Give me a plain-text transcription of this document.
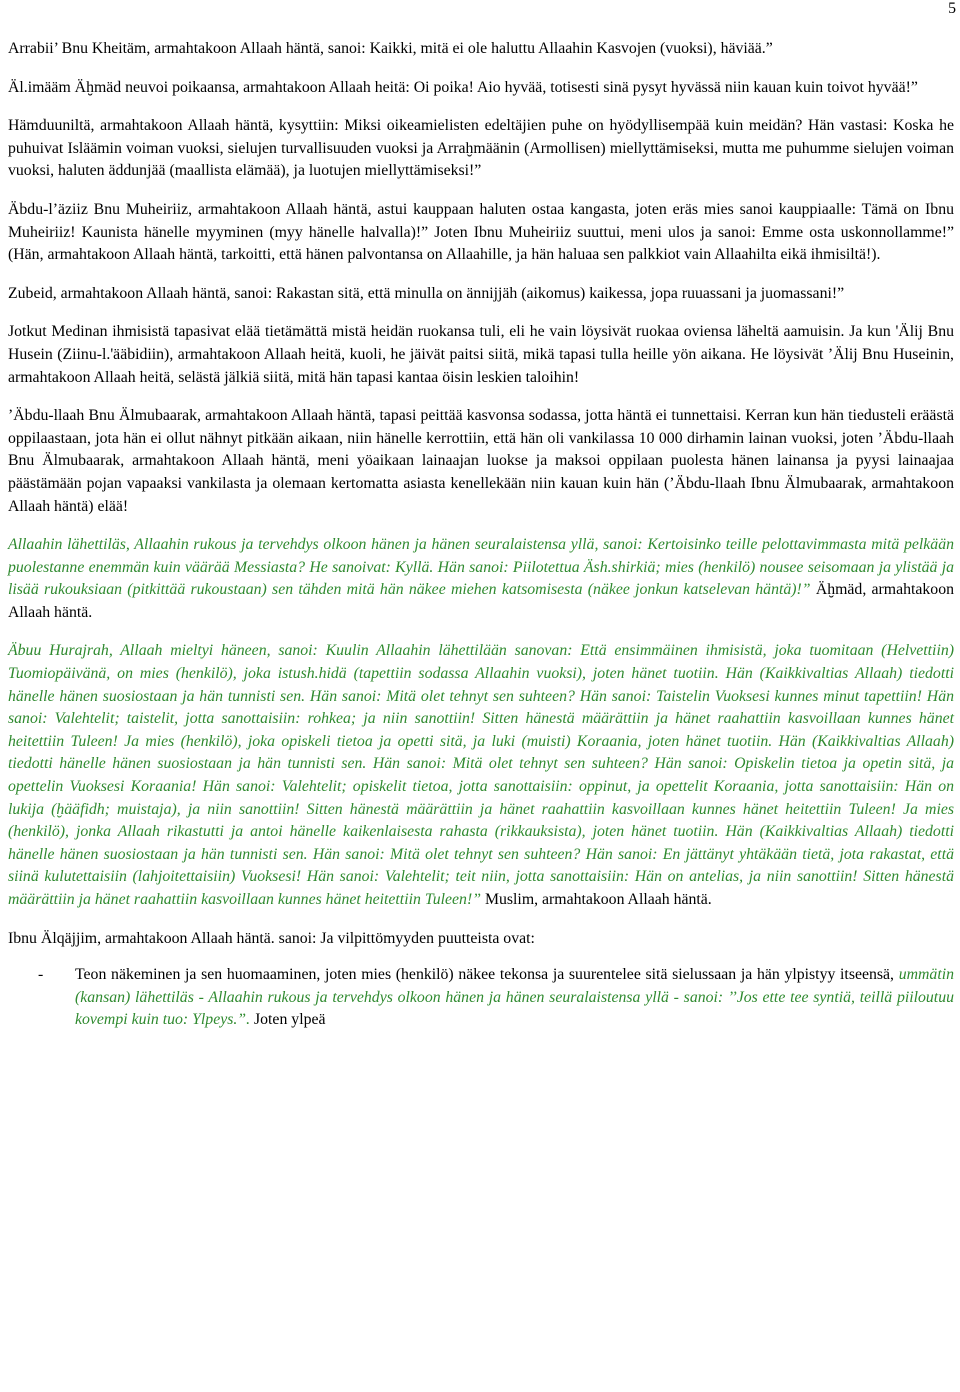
5

Arrabii’ Bnu Kheitäm, armahtakoon Allaah häntä, sanoi: Kaikki, mitä ei ole haluttu Allaahin Kasvojen (vuoksi), häviää.”

Äl.imääm Äḫmäd neuvoi poikaansa, armahtakoon Allaah heitä: Oi poika! Aio hyvää, totisesti sinä pysyt hyvässä niin kauan kuin toivot hyvää!”

Hämduuniltä, armahtakoon Allaah häntä, kysyttiin: Miksi oikeamielisten edeltäjien puhe on hyödyllisempää kuin meidän? Hän vastasi: Koska he puhuivat Isläämin voiman vuoksi, sielujen turvallisuuden vuoksi ja Arraḫmäänin (Armollisen) miellyttämiseksi, mutta me puhumme sielujen voiman vuoksi, haluten äddunjää (maallista elämää), ja luotujen miellyttämiseksi!”

Äbdu-l’äziiz Bnu Muheiriiz, armahtakoon Allaah häntä, astui kauppaan haluten ostaa kangasta, joten eräs mies sanoi kauppiaalle: Tämä on Ibnu Muheiriiz! Kaunista hänelle myyminen (myy hänelle halvalla)!” Joten Ibnu Muheiriiz suuttui, meni ulos ja sanoi: Emme osta uskonnollamme!” (Hän, armahtakoon Allaah häntä, tarkoitti, että hänen palvontansa on Allaahille, ja hän haluaa sen palkkiot vain Allaahilta eikä ihmisiltä!).

Zubeid, armahtakoon Allaah häntä, sanoi: Rakastan sitä, että minulla on ännijjäh (aikomus) kaikessa, jopa ruuassani ja juomassani!”

Jotkut Medinan ihmisistä tapasivat elää tietämättä mistä heidän ruokansa tuli, eli he vain löysivät ruokaa oviensa läheltä aamuisin. Ja kun 'Älij Bnu Husein (Ziinu-l.'ääbidiin), armahtakoon Allaah heitä, kuoli, he jäivät paitsi siitä, mikä tapasi tulla heille yön aikana. He löysivät ’Älij Bnu Huseinin, armahtakoon Allaah heitä, selästä jälkiä siitä, mitä hän tapasi kantaa öisin leskien taloihin!

’Äbdu-llaah Bnu Älmubaarak, armahtakoon Allaah häntä, tapasi peittää kasvonsa sodassa, jotta häntä ei tunnettaisi. Kerran kun hän tiedusteli eräästä oppilaastaan, jota hän ei ollut nähnyt pitkään aikaan, niin hänelle kerrottiin, että hän oli vankilassa 10 000 dirhamin lainan vuoksi, joten ’Äbdu-llaah Bnu Älmubaarak, armahtakoon Allaah häntä, meni yöaikaan lainaajan luokse ja maksoi oppilaan puolesta hänen lainansa ja pyysi lainaajaa päästämään pojan vapaaksi vankilasta ja olemaan kertomatta asiasta kenellekään niin kauan kuin hän (’Äbdu-llaah Ibnu Älmubaarak, armahtakoon Allaah häntä) elää!

Allaahin lähettiläs, Allaahin rukous ja tervehdys olkoon hänen ja hänen seuralaistensa yllä, sanoi: Kertoisinko teille pelottavimmasta mitä pelkään puolestanne enemmän kuin väärää Messiasta? He sanoivat: Kyllä. Hän sanoi: Piilotettua Äsh.shirkiä; mies (henkilö) nousee seisomaan ja ylistää ja lisää rukouksiaan (pitkittää rukoustaan) sen tähden mitä hän näkee miehen katsomisesta (näkee jonkun katselevan häntä)!” Äḫmäd, armahtakoon Allaah häntä.

Äbuu Hurajrah, Allaah mieltyi häneen, sanoi: Kuulin Allaahin lähettilään sanovan: Että ensimmäinen ihmisistä, joka tuomitaan (Helvettiin) Tuomiopäivänä, on mies (henkilö), joka istush.hidä (tapettiin sodassa Allaahin vuoksi), joten hänet tuotiin. Hän (Kaikkivaltias Allaah) tiedotti hänelle hänen suosiostaan ja hän tunnisti sen. Hän sanoi: Mitä olet tehnyt sen suhteen? Hän sanoi: Taistelin Vuoksesi kunnes minut tapettiin! Hän sanoi: Valehtelit; taistelit, jotta sanottaisiin: rohkea; ja niin sanottiin! Sitten hänestä määrättiin ja hänet raahattiin kasvoillaan kunnes hänet heitettiin Tuleen! Ja mies (henkilö), joka opiskeli tietoa ja opetti sitä, ja luki (muisti) Koraania, joten hänet tuotiin. Hän (Kaikkivaltias Allaah) tiedotti hänelle hänen suosiostaan ja hän tunnisti sen. Hän sanoi: Mitä olet tehnyt sen suhteen? Hän sanoi: Opiskelin tietoa ja opetin sitä, ja opettelin Vuoksesi Koraania! Hän sanoi: Valehtelit; opiskelit tietoa, jotta sanottaisiin: oppinut, ja opettelit Koraania, jotta sanottaisiin: Hän on lukija (ḫääfidh; muistaja), ja niin sanottiin! Sitten hänestä määrättiin ja hänet raahattiin kasvoillaan kunnes hänet heitettiin Tuleen! Ja mies (henkilö), jonka Allaah rikastutti ja antoi hänelle kaikenlaisesta rahasta (rikkauksista), joten hänet tuotiin. Hän (Kaikkivaltias Allaah) tiedotti hänelle hänen suosiostaan ja hän tunnisti sen. Hän sanoi: Mitä olet tehnyt sen suhteen? Hän sanoi: En jättänyt yhtäkään tietä, jota rakastat, että siinä kulutettaisiin (lahjoitettaisiin) Vuoksesi! Hän sanoi: Valehtelit; teit niin, jotta sanottaisiin: Hän on antelias, ja niin sanottiin! Sitten hänestä määrättiin ja hänet raahattiin kasvoillaan kunnes hänet heitettiin Tuleen!” Muslim, armahtakoon Allaah häntä.

Ibnu Älqäjjim, armahtakoon Allaah häntä. sanoi: Ja vilpittömyyden puutteista ovat:

- Teon näkeminen ja sen huomaaminen, joten mies (henkilö) näkee tekonsa ja suurentelee sitä sielussaan ja hän ylpistyy itseensä, ummätin (kansan) lähettiläs - Allaahin rukous ja tervehdys olkoon hänen ja hänen seuralaistensa yllä - sanoi: ’’Jos ette tee syntiä, teillä piiloutuu kovempi kuin tuo: Ylpeys.”. Joten ylpeä
